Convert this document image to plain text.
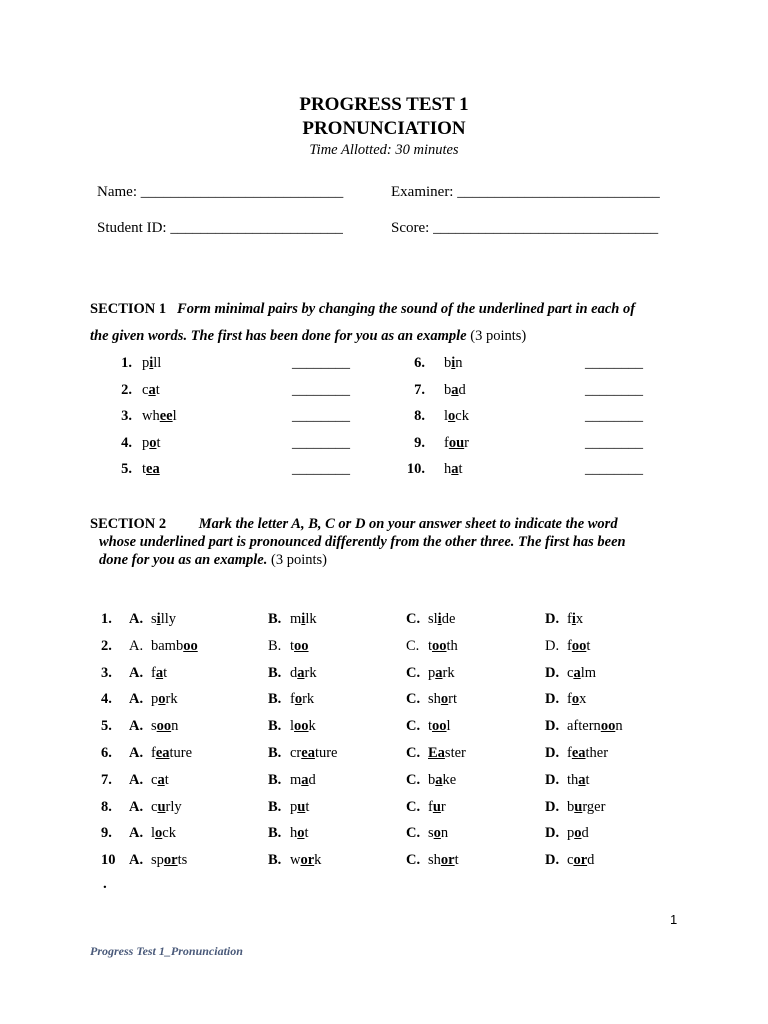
PROGRESS TEST 1
PRONUNCIATION
Time Allotted: 30 minutes
Name: ___________________________	Examiner: ___________________________
Student ID: _______________________	Score: ______________________________
SECTION 1 Form minimal pairs by changing the sound of the underlined part in each of
the given words. The first has been done for you as an example (3 points)
1. pill	________
2. cat	________
3. wheel	________
4. pot	________
5. tea	________
6. bin	________
7. bad	________
8. lock	________
9. four	________
10. hat	________
SECTION 2 Mark the letter A, B, C or D on your answer sheet to indicate the word
whose underlined part is pronounced differently from the other three. The first has been
done for you as an example. (3 points)
1. A. silly	B. milk	C. slide	D. fix
2. A. bamboo	B. too	C. tooth	D. foot
3. A. fat	B. dark	C. park	D. calm
4. A. pork	B. fork	C. short	D. fox
5. A. soon	B. look	C. tool	D. afternoon
6. A. feature	B. creature	C. Easter	D. feather
7. A. cat	B. mad	C. bake	D. that
8. A. curly	B. put	C. fur	D. burger
9. A. lock	B. hot	C. son	D. pod
10 A. sports	B. work	C. short	D. cord
.
1
Progress Test 1_Pronunciation
